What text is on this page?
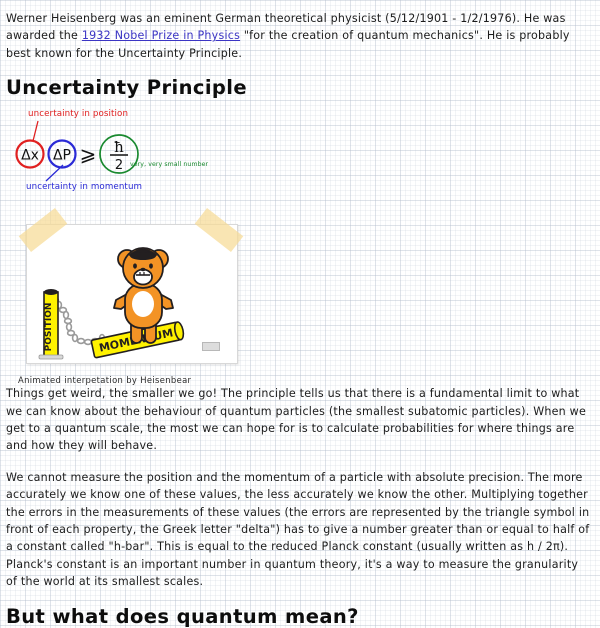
Werner Heisenberg was an eminent German theoretical physicist (5/12/1901 - 1/2/1976). He was awarded the 1932 Nobel Prize in Physics "for the creation of quantum mechanics". He is probably best known for the Uncertainty Principle.

Uncertainty Principle
uncertainty in position
uncertainty in momentum
very, very small number
Δx ΔP ⩾ ħ
2
POSITION
Animated interpetation by Heisenbear

Things get weird, the smaller we go! The principle tells us that there is a fundamental limit to what we can know about the behaviour of quantum particles (the smallest subatomic particles). When we get to a quantum scale, the most we can hope for is to calculate probabilities for where things are and how they will behave.

We cannot measure the position and the momentum of a particle with absolute precision. The more accurately we know one of these values, the less accurately we know the other. Multiplying together the errors in the measurements of these values (the errors are represented by the triangle symbol in front of each property, the Greek letter "delta") has to give a number greater than or equal to half of a constant called "h-bar". This is equal to the reduced Planck constant (usually written as h / 2π). Planck's constant is an important number in quantum theory, it's a way to measure the granularity of the world at its smallest scales.

But what does quantum mean?
